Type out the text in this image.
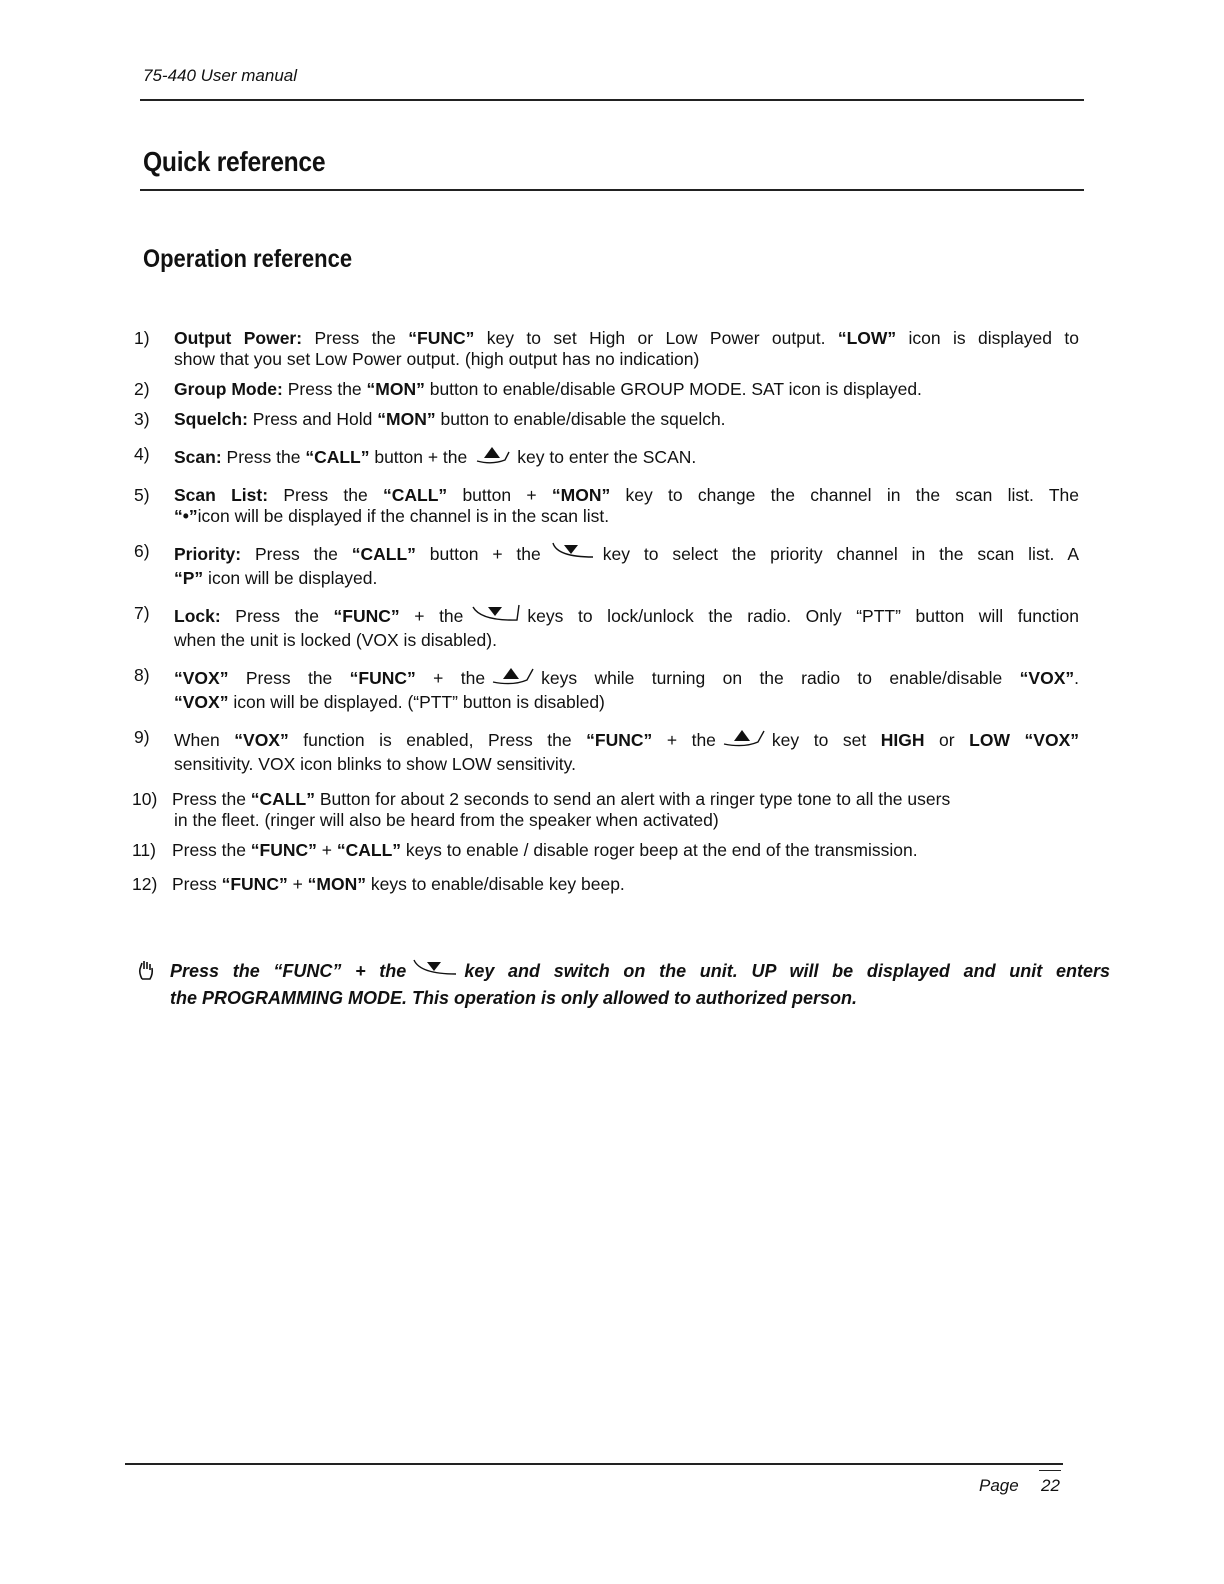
75-440 User manual
Quick reference
Operation reference
1)	Output Power: Press the “FUNC” key to set High or Low Power output. “LOW” icon is displayed to
show that you set Low Power output. (high output has no indication)
2)	Group Mode: Press the “MON” button to enable/disable GROUP MODE. SAT icon is displayed.
3)	Squelch: Press and Hold “MON” button to enable/disable the squelch.
4)	Scan: Press the “CALL” button + the	key to enter the SCAN.
5)	Scan List: Press the “CALL” button + “MON” key to change the channel in the scan list. The
“•”icon will be displayed if the channel is in the scan list.
6)	Priority: Press the “CALL” button + the	key to select the priority channel in the scan list. A
“P” icon will be displayed.
7)	Lock: Press the “FUNC” + the	keys to lock/unlock the radio. Only “PTT” button will function
when the unit is locked (VOX is disabled).
8)	“VOX” Press the “FUNC” + the	keys while turning on the radio to enable/disable “VOX”.
“VOX” icon will be displayed. (“PTT” button is disabled)
9)	When “VOX” function is enabled, Press the “FUNC” + the	key to set HIGH or LOW “VOX”
sensitivity. VOX icon blinks to show LOW sensitivity.
10) Press the “CALL” Button for about 2 seconds to send an alert with a ringer type tone to all the users
in the fleet. (ringer will also be heard from the speaker when activated)
11) Press the “FUNC” + “CALL” keys to enable / disable roger beep at the end of the transmission.
12) Press “FUNC” + “MON” keys to enable/disable key beep.
Press the “FUNC” + the	key and switch on the unit. UP will be displayed and unit enters
the PROGRAMMING MODE. This operation is only allowed to authorized person.
Page 22
